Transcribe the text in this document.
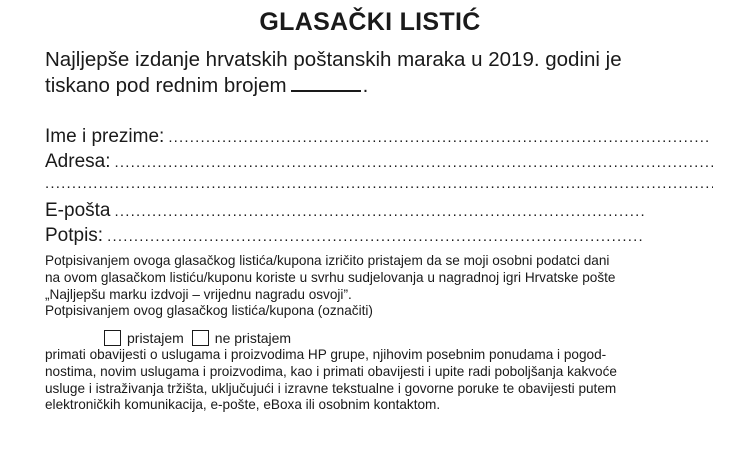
GLASAČKI LISTIĆ
Najljepše izdanje hrvatskih poštanskih maraka u 2019. godini je
tiskano pod rednim brojem	.
Ime i prezime:
.....
Adresa:
.....
.....
E-pošta
.....
Potpis:
.....
Potpisivanjem ovoga glasačkog listića/kupona izričito pristajem da se moji osobni podatci dani
na ovom glasačkom listiću/kuponu koriste u svrhu sudjelovanja u nagradnoj igri Hrvatske pošte
„Najljepšu marku izdvoji – vrijednu nagradu osvoji”.
Potpisivanjem ovog glasačkog listića/kupona (označiti)
pristajem ne pristajem
primati obavijesti o uslugama i proizvodima HP grupe, njihovim posebnim ponudama i pogod-
nostima, novim uslugama i proizvodima, kao i primati obavijesti i upite radi poboljšanja kakvoće
usluge i istraživanja tržišta, uključujući i izravne tekstualne i govorne poruke te obavijesti putem
elektroničkih komunikacija, e-pošte, eBoxa ili osobnim kontaktom.
